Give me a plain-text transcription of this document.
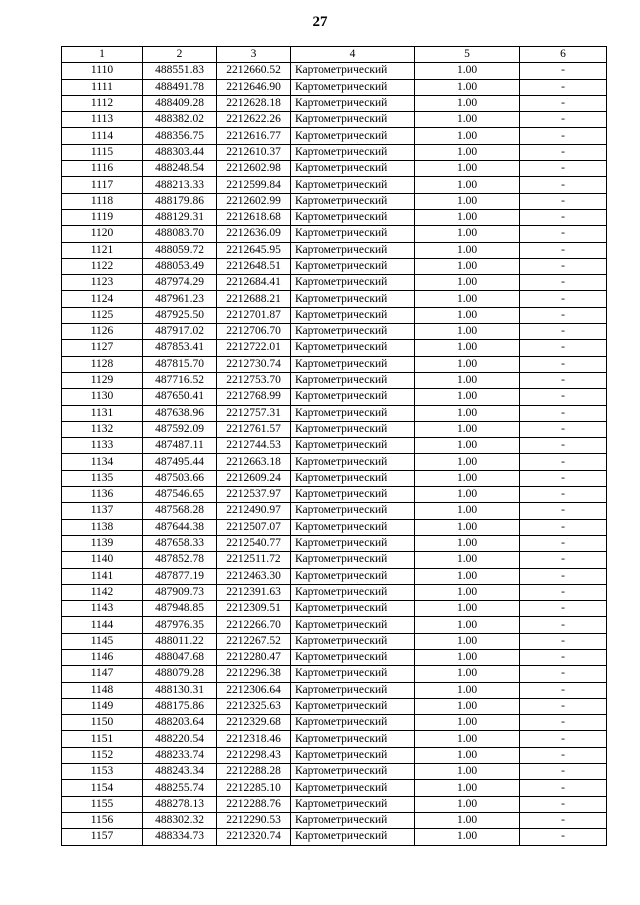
27
1	2	3	4	5	6
1110	488551.83	2212660.52	Картометрический	1.00	-
1111	488491.78	2212646.90	Картометрический	1.00	-
1112	488409.28	2212628.18	Картометрический	1.00	-
1113	488382.02	2212622.26	Картометрический	1.00	-
1114	488356.75	2212616.77	Картометрический	1.00	-
1115	488303.44	2212610.37	Картометрический	1.00	-
1116	488248.54	2212602.98	Картометрический	1.00	-
1117	488213.33	2212599.84	Картометрический	1.00	-
1118	488179.86	2212602.99	Картометрический	1.00	-
1119	488129.31	2212618.68	Картометрический	1.00	-
1120	488083.70	2212636.09	Картометрический	1.00	-
1121	488059.72	2212645.95	Картометрический	1.00	-
1122	488053.49	2212648.51	Картометрический	1.00	-
1123	487974.29	2212684.41	Картометрический	1.00	-
1124	487961.23	2212688.21	Картометрический	1.00	-
1125	487925.50	2212701.87	Картометрический	1.00	-
1126	487917.02	2212706.70	Картометрический	1.00	-
1127	487853.41	2212722.01	Картометрический	1.00	-
1128	487815.70	2212730.74	Картометрический	1.00	-
1129	487716.52	2212753.70	Картометрический	1.00	-
1130	487650.41	2212768.99	Картометрический	1.00	-
1131	487638.96	2212757.31	Картометрический	1.00	-
1132	487592.09	2212761.57	Картометрический	1.00	-
1133	487487.11	2212744.53	Картометрический	1.00	-
1134	487495.44	2212663.18	Картометрический	1.00	-
1135	487503.66	2212609.24	Картометрический	1.00	-
1136	487546.65	2212537.97	Картометрический	1.00	-
1137	487568.28	2212490.97	Картометрический	1.00	-
1138	487644.38	2212507.07	Картометрический	1.00	-
1139	487658.33	2212540.77	Картометрический	1.00	-
1140	487852.78	2212511.72	Картометрический	1.00	-
1141	487877.19	2212463.30	Картометрический	1.00	-
1142	487909.73	2212391.63	Картометрический	1.00	-
1143	487948.85	2212309.51	Картометрический	1.00	-
1144	487976.35	2212266.70	Картометрический	1.00	-
1145	488011.22	2212267.52	Картометрический	1.00	-
1146	488047.68	2212280.47	Картометрический	1.00	-
1147	488079.28	2212296.38	Картометрический	1.00	-
1148	488130.31	2212306.64	Картометрический	1.00	-
1149	488175.86	2212325.63	Картометрический	1.00	-
1150	488203.64	2212329.68	Картометрический	1.00	-
1151	488220.54	2212318.46	Картометрический	1.00	-
1152	488233.74	2212298.43	Картометрический	1.00	-
1153	488243.34	2212288.28	Картометрический	1.00	-
1154	488255.74	2212285.10	Картометрический	1.00	-
1155	488278.13	2212288.76	Картометрический	1.00	-
1156	488302.32	2212290.53	Картометрический	1.00	-
1157	488334.73	2212320.74	Картометрический	1.00	-
